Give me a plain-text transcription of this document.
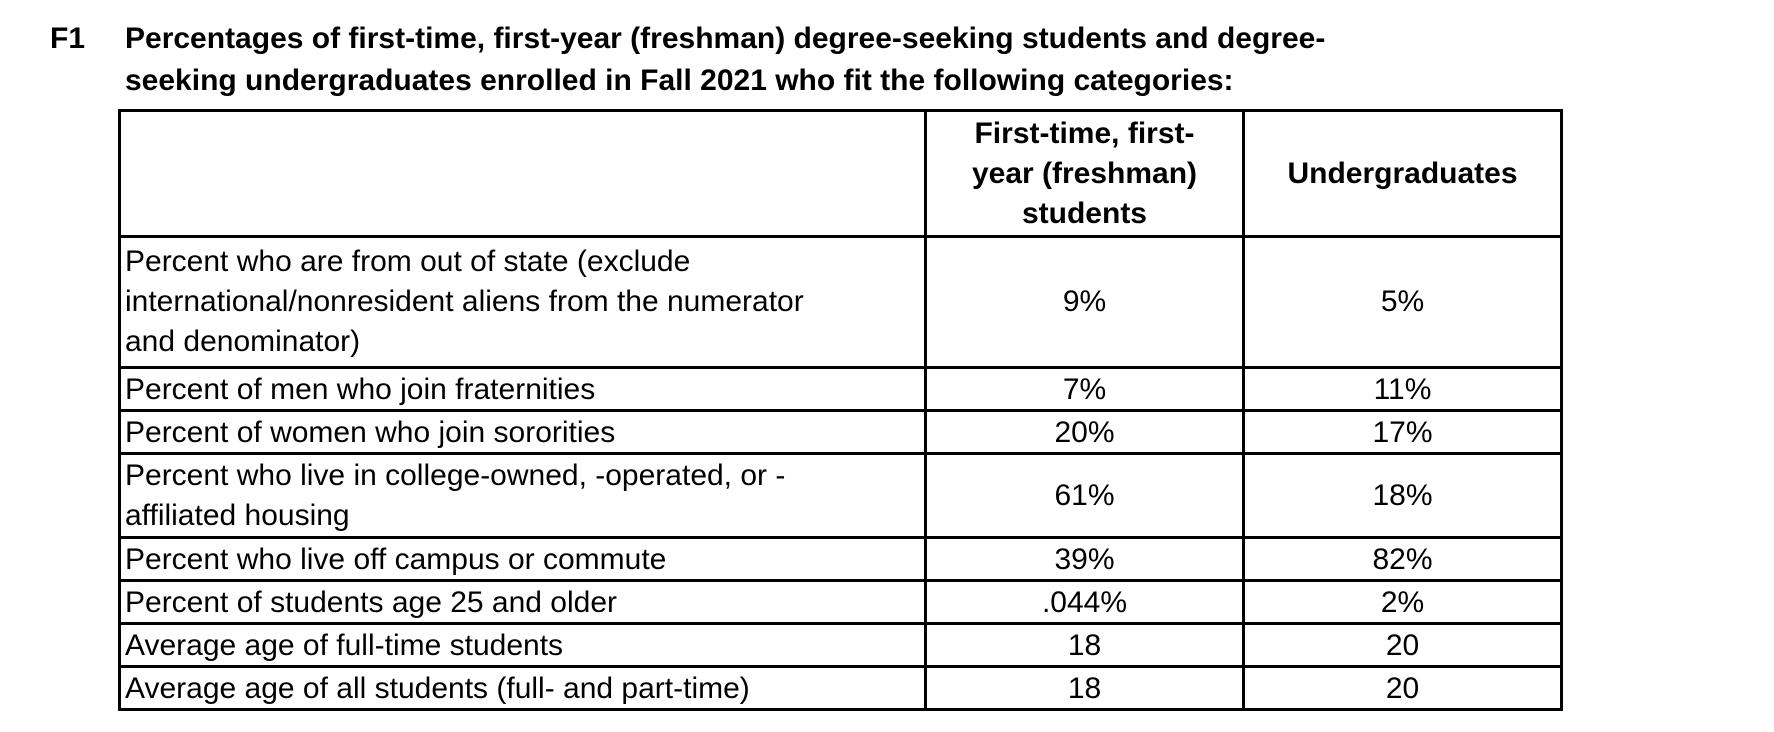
F1 Percentages of first-time, first-year (freshman) degree-seeking students and degree-
seeking undergraduates enrolled in Fall 2021 who fit the following categories:

	First-time, first-
year (freshman)
students	Undergraduates

Percent who are from out of state (exclude
international/nonresident aliens from the numerator
and denominator)	9%	5%
Percent of men who join fraternities	7%	11%
Percent of women who join sororities	20%	17%

Percent who live in college-owned, -operated, or -
affiliated housing	61%	18%
Percent who live off campus or commute	39%	82%
Percent of students age 25 and older	.044%	2%
Average age of full-time students	18	20
Average age of all students (full- and part-time)	18	20
